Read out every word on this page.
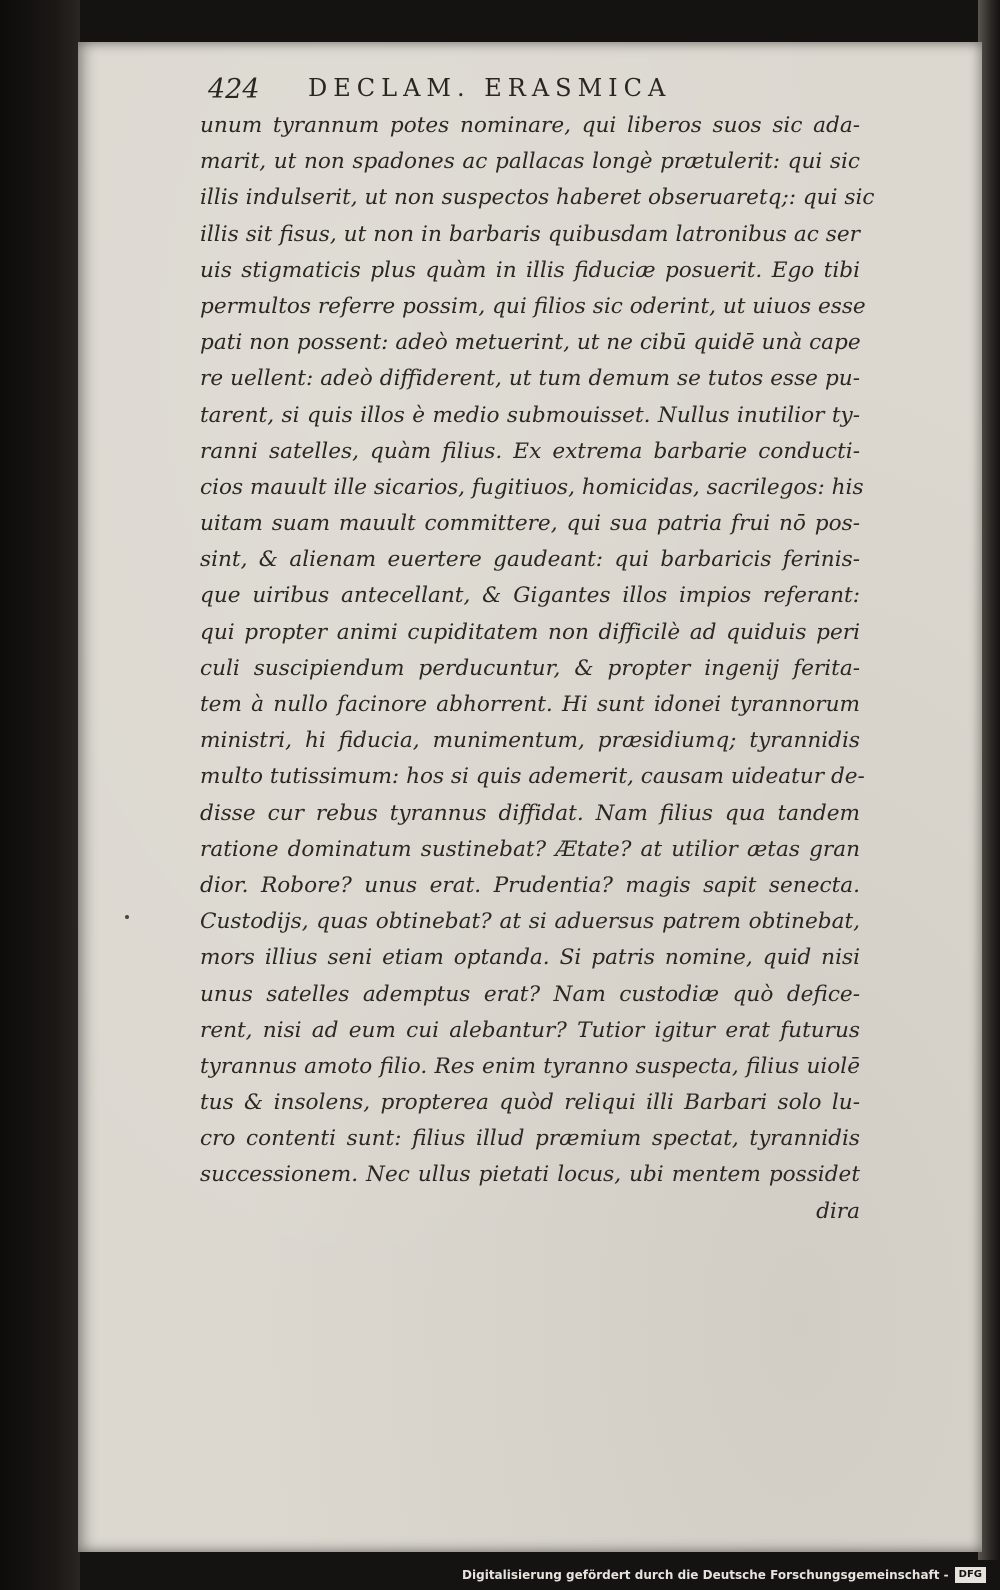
424 DECLAM. ERASMICA
unum tyrannum potes nominare, qui liberos suos sic ada-
marit, ut non spadones ac pallacas longè prætulerit: qui sic
illis indulserit, ut non suspectos haberet obseruaretq;: qui sic
illis sit fisus, ut non in barbaris quibusdam latronibus ac ser
uis stigmaticis plus quàm in illis fiduciæ posuerit. Ego tibi
permultos referre possim, qui filios sic oderint, ut uiuos esse
pati non possent: adeò metuerint, ut ne cibū quidē unà cape
re uellent: adeò diffiderent, ut tum demum se tutos esse pu-
tarent, si quis illos è medio submouisset. Nullus inutilior ty-
ranni satelles, quàm filius. Ex extrema barbarie conducti-
cios mauult ille sicarios, fugitiuos, homicidas, sacrilegos: his
uitam suam mauult committere, qui sua patria frui nō pos-
sint, & alienam euertere gaudeant: qui barbaricis ferinis-
que uiribus antecellant, & Gigantes illos impios referant:
qui propter animi cupiditatem non difficilè ad quiduis peri
culi suscipiendum perducuntur, & propter ingenij ferita-
tem à nullo facinore abhorrent. Hi sunt idonei tyrannorum
ministri, hi fiducia, munimentum, præsidiumq; tyrannidis
multo tutissimum: hos si quis ademerit, causam uideatur de-
disse cur rebus tyrannus diffidat. Nam filius qua tandem
ratione dominatum sustinebat? Ætate? at utilior ætas gran
dior. Robore? unus erat. Prudentia? magis sapit senecta.
Custodijs, quas obtinebat? at si aduersus patrem obtinebat,
mors illius seni etiam optanda. Si patris nomine, quid nisi
unus satelles ademptus erat? Nam custodiæ quò defice-
rent, nisi ad eum cui alebantur? Tutior igitur erat futurus
tyrannus amoto filio. Res enim tyranno suspecta, filius uiolē
tus & insolens, propterea quòd reliqui illi Barbari solo lu-
cro contenti sunt: filius illud præmium spectat, tyrannidis
successionem. Nec ullus pietati locus, ubi mentem possidet
dira
Digitalisierung gefördert durch die Deutsche Forschungsgemeinschaft -	DFG
